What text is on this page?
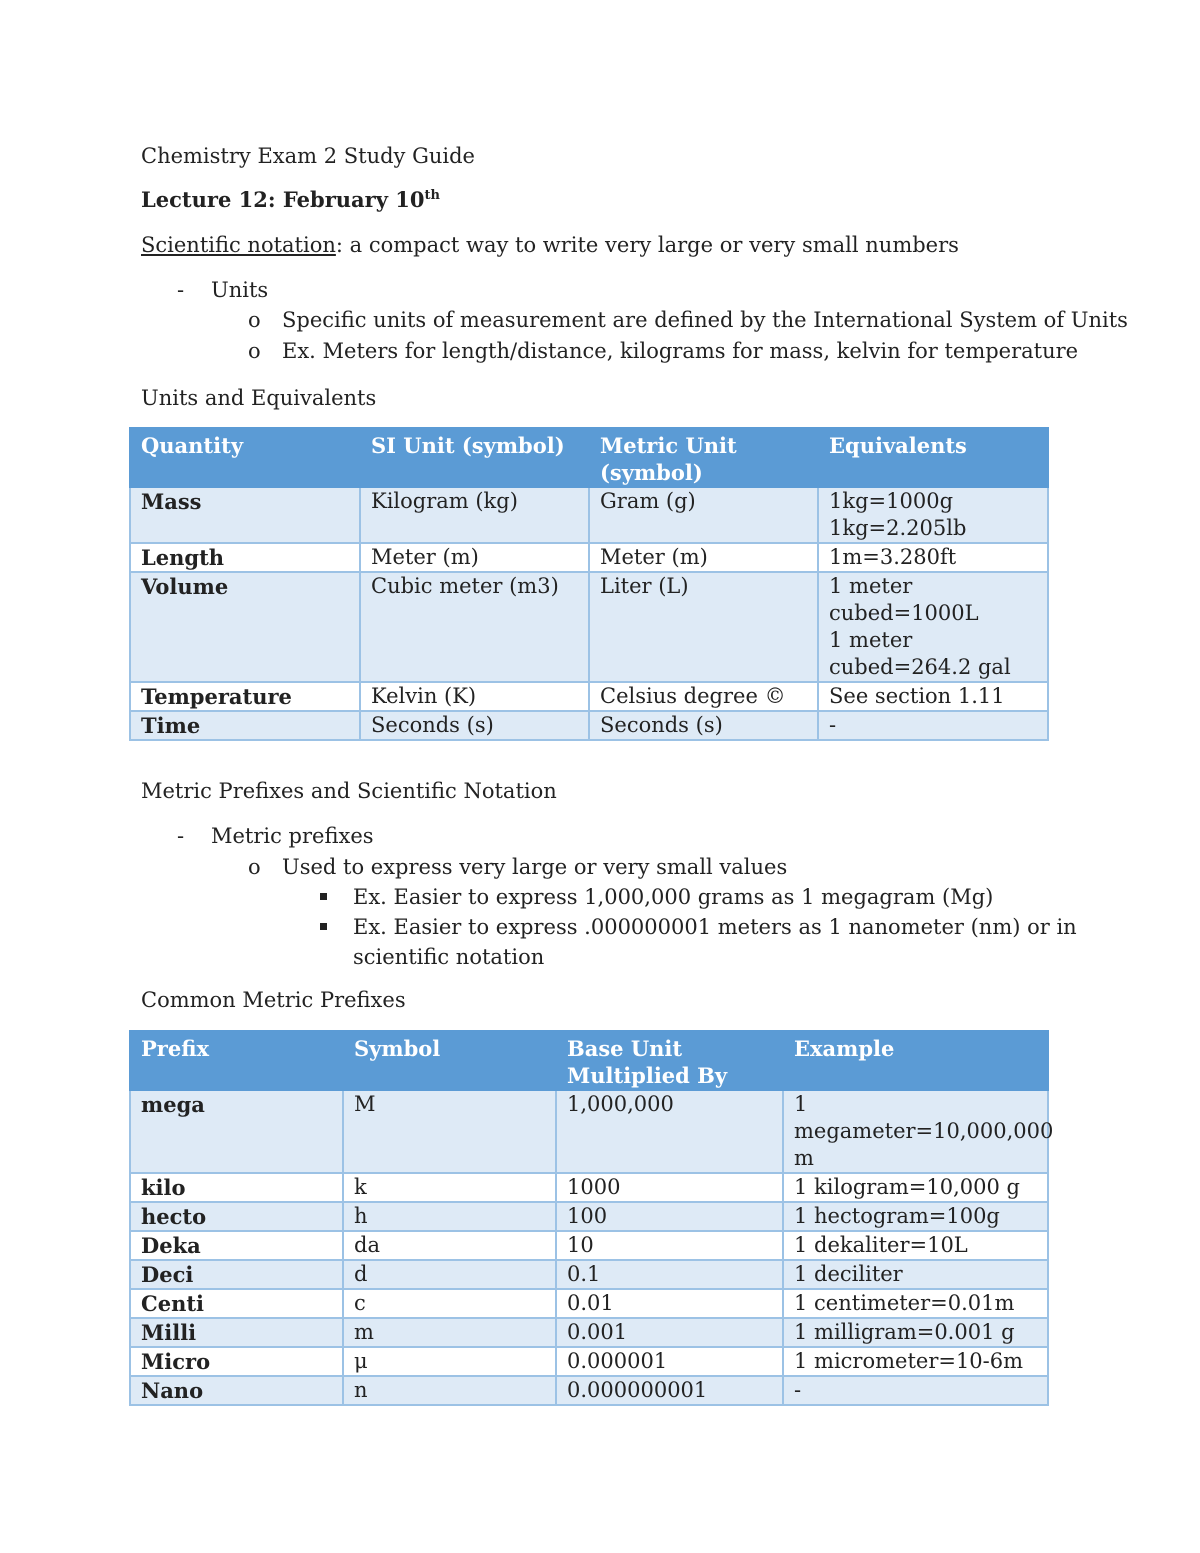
Chemistry Exam 2 Study Guide
Lecture 12: February 10th
Scientific notation: a compact way to write very large or very small numbers
- Units
o Specific units of measurement are defined by the International System of Units
o Ex. Meters for length/distance, kilograms for mass, kelvin for temperature
Units and Equivalents
Quantity	SI Unit (symbol)	Metric Unit (symbol)	Equivalents
Mass	Kilogram (kg)	Gram (g)	1kg=1000g
1kg=2.205lb
Length	Meter (m)	Meter (m)	1m=3.280ft
Volume	Cubic meter (m3)	Liter (L)	1 meter cubed=1000L
1 meter cubed=264.2 gal
Temperature	Kelvin (K)	Celsius degree ©	See section 1.11
Time	Seconds (s)	Seconds (s)	-
Metric Prefixes and Scientific Notation
- Metric prefixes
o Used to express very large or very small values
Ex. Easier to express 1,000,000 grams as 1 megagram (Mg)
Ex. Easier to express .000000001 meters as 1 nanometer (nm) or in
scientific notation
Common Metric Prefixes
Prefix	Symbol	Base Unit Multiplied By	Example
mega	M	1,000,000	1 megameter=10,000,000 m
kilo	k	1000	1 kilogram=10,000 g
hecto	h	100	1 hectogram=100g
Deka	da	10	1 dekaliter=10L
Deci	d	0.1	1 deciliter
Centi	c	0.01	1 centimeter=0.01m
Milli	m	0.001	1 milligram=0.001 g
Micro	μ	0.000001	1 micrometer=10-6m
Nano	n	0.000000001	-
